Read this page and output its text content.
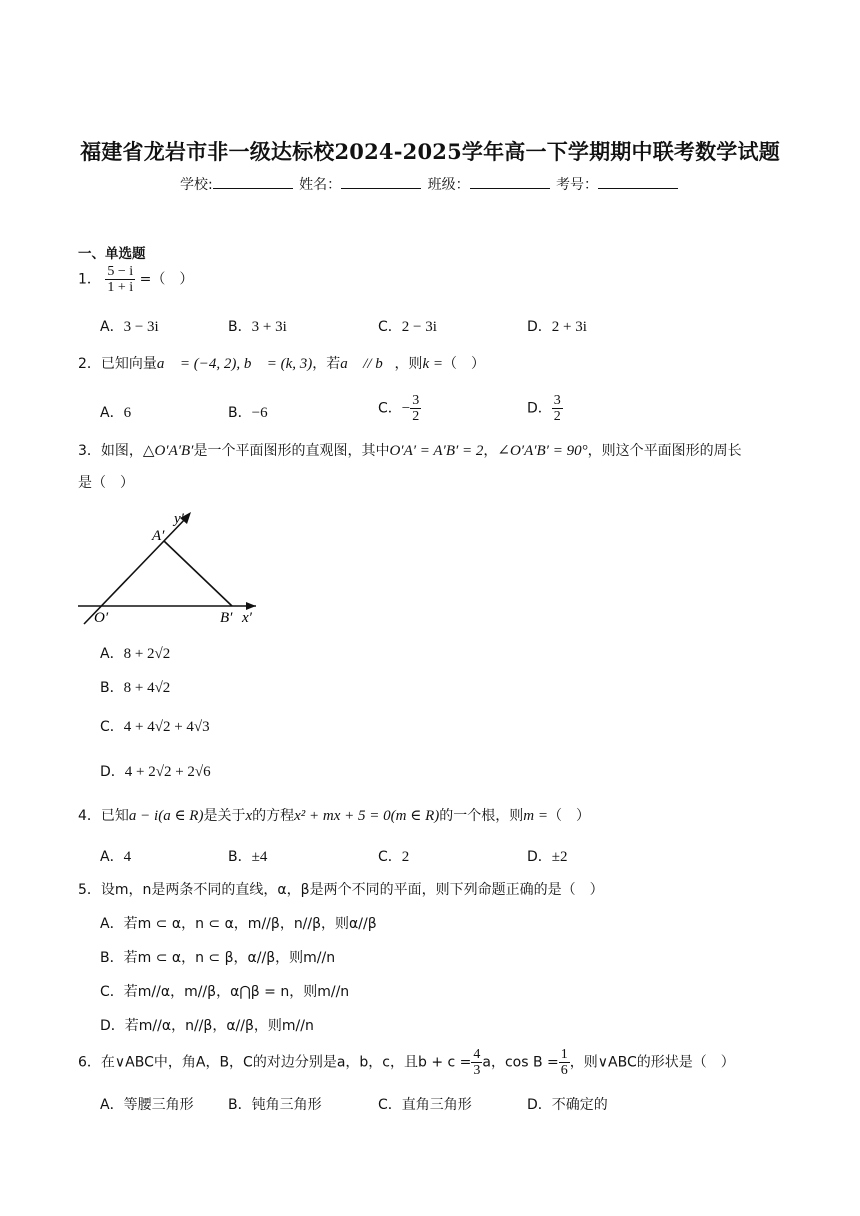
福建省龙岩市非一级达标校2024-2025学年高一下学期期中联考数学试题
学校:	姓名：	班级：	考号：
一、单选题
1． $\frac{5 - i}{1 + i}$ =（　）
A．3 − 3i	B．3 + 3i	C．2 − 3i	D．2 + 3i
2．已知向量a⃗ = (−4, 2), b⃗ = (k, 3)，若a⃗ // b⃗，则k =（　）
A．6	B．−6	C．− $\frac{3}{2}$	D． $\frac{3}{2}$
3．如图，△O′A′B′是一个平面图形的直观图，其中O′A′ = A′B′ = 2，∠O′A′B′ = 90°，则这个平面图形的周长
是（　）
y′
A′
O′	B′ x′
A．8 + 2√2
B．8 + 4√2
C．4 + 4√2 + 4√3
D．4 + 2√2 + 2√6
4．已知a − i(a ∈ R)是关于x的方程x² + mx + 5 = 0(m ∈ R)的一个根，则m =（　）
A．4	B．±4	C．2	D．±2
5．设m，n是两条不同的直线，α，β是两个不同的平面，则下列命题正确的是（　）
A．若m ⊂ α，n ⊂ α，m//β，n//β，则α//β
B．若m ⊂ α，n ⊂ β，α//β，则m//n
C．若m//α，m//β，α⋂β = n，则m//n
D．若m//α，n//β，α//β，则m//n
6．在∨ABC中，角A，B，C的对边分别是a，b，c，且$b + c = \frac{4}{3}$ a，$\cos B = \frac{1}{6}$ ，则∨ABC的形状是（　）
A．等腰三角形 B．钝角三角形	C．直角三角形	D．不确定的
